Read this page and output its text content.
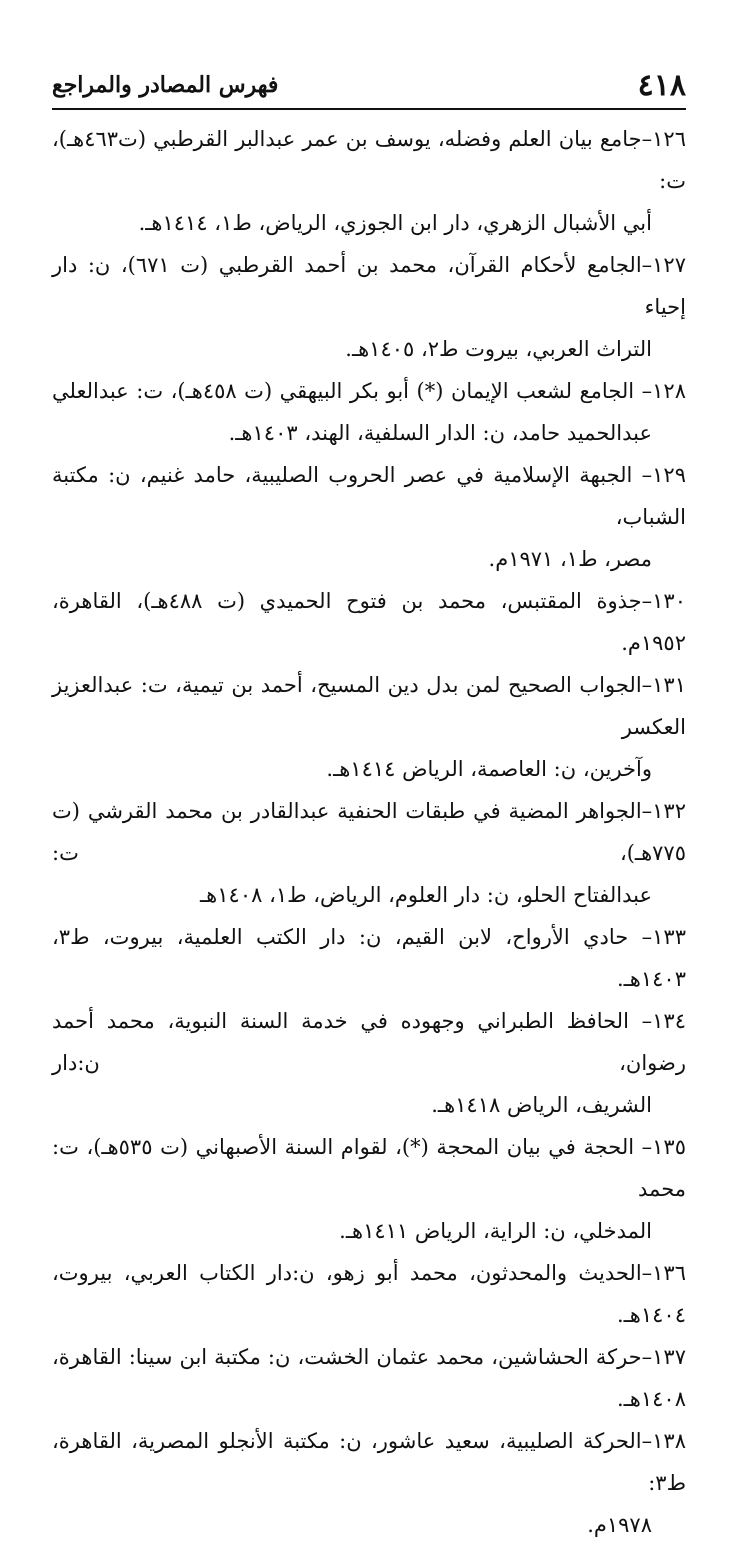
٤١٨
فهرس المصادر والمراجع
١٢٦–جامع بيان العلم وفضله، يوسف بن عمر عبدالبر القرطبي (ت٤٦٣هـ)، ت:
أبي الأشبال الزهري، دار ابن الجوزي، الرياض، ط١، ١٤١٤هـ.
١٢٧–الجامع لأحكام القرآن، محمد بن أحمد القرطبي (ت ٦٧١)، ن: دار إحياء
التراث العربي، بيروت ط٢، ١٤٠٥هـ.
١٢٨– الجامع لشعب الإيمان (*) أبو بكر البيهقي (ت ٤٥٨هـ)، ت: عبدالعلي
عبدالحميد حامد، ن: الدار السلفية، الهند، ١٤٠٣هـ.
١٢٩– الجبهة الإسلامية في عصر الحروب الصليبية، حامد غنيم، ن: مكتبة الشباب،
مصر، ط١، ١٩٧١م.
١٣٠–جذوة المقتبس، محمد بن فتوح الحميدي (ت ٤٨٨هـ)، القاهرة، ١٩٥٢م.
١٣١–الجواب الصحيح لمن بدل دين المسيح، أحمد بن تيمية، ت: عبدالعزيز العكسر
وآخرين، ن: العاصمة، الرياض ١٤١٤هـ.
١٣٢–الجواهر المضية في طبقات الحنفية عبدالقادر بن محمد القرشي (ت ٧٧٥هـ)، ت:
عبدالفتاح الحلو، ن: دار العلوم، الرياض، ط١، ١٤٠٨هـ
١٣٣– حادي الأرواح، لابن القيم، ن: دار الكتب العلمية، بيروت، ط٣، ١٤٠٣هـ.
١٣٤– الحافظ الطبراني وجهوده في خدمة السنة النبوية، محمد أحمد رضوان، ن:دار
الشريف، الرياض ١٤١٨هـ.
١٣٥– الحجة في بيان المحجة (*)، لقوام السنة الأصبهاني (ت ٥٣٥هـ)، ت: محمد
المدخلي، ن: الراية، الرياض ١٤١١هـ.
١٣٦–الحديث والمحدثون، محمد أبو زهو، ن:دار الكتاب العربي، بيروت، ١٤٠٤هـ.
١٣٧–حركة الحشاشين، محمد عثمان الخشت، ن: مكتبة ابن سينا: القاهرة، ١٤٠٨هـ.
١٣٨–الحركة الصليبية، سعيد عاشور، ن: مكتبة الأنجلو المصرية، القاهرة، ط٣:
١٩٧٨م.
